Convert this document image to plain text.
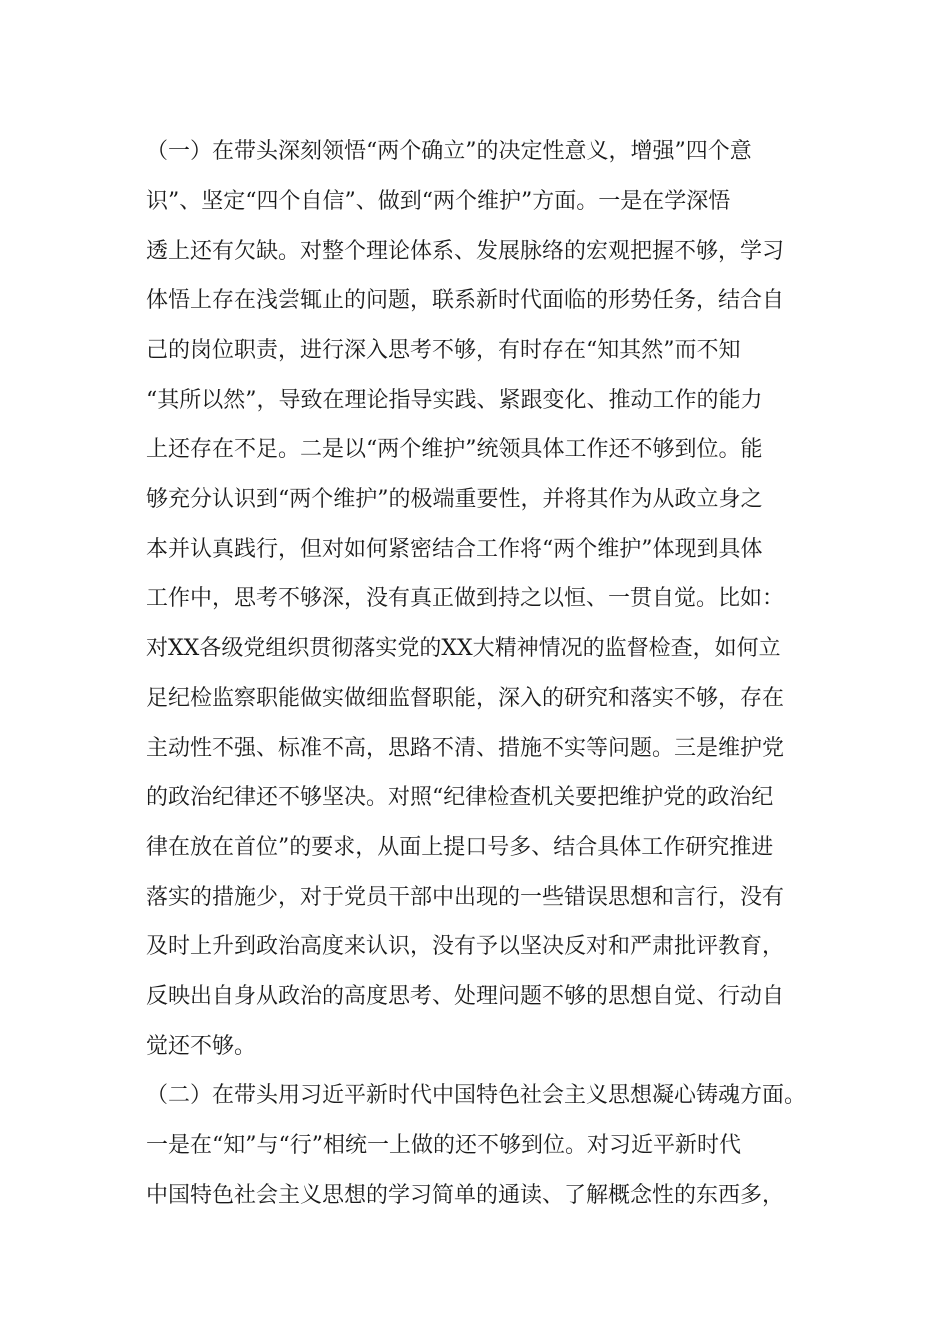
（一）在带头深刻领悟“两个确立”的决定性意义，增强”四个意
识”、坚定“四个自信”、做到“两个维护”方面。一是在学深悟
透上还有欠缺。对整个理论体系、发展脉络的宏观把握不够，学习
体悟上存在浅尝辄止的问题，联系新时代面临的形势任务，结合自
己的岗位职责，进行深入思考不够，有时存在“知其然”而不知
“其所以然”，导致在理论指导实践、紧跟变化、推动工作的能力
上还存在不足。二是以“两个维护”统领具体工作还不够到位。能
够充分认识到“两个维护”的极端重要性，并将其作为从政立身之
本并认真践行，但对如何紧密结合工作将“两个维护”体现到具体
工作中，思考不够深，没有真正做到持之以恒、一贯自觉。比如：
对XX各级党组织贯彻落实党的XX大精神情况的监督检查，如何立
足纪检监察职能做实做细监督职能，深入的研究和落实不够，存在
主动性不强、标准不高，思路不清、措施不实等问题。三是维护党
的政治纪律还不够坚决。对照“纪律检查机关要把维护党的政治纪
律在放在首位”的要求，从面上提口号多、结合具体工作研究推进
落实的措施少，对于党员干部中出现的一些错误思想和言行，没有
及时上升到政治高度来认识，没有予以坚决反对和严肃批评教育，
反映出自身从政治的高度思考、处理问题不够的思想自觉、行动自
觉还不够。
（二）在带头用习近平新时代中国特色社会主义思想凝心铸魂方面。
一是在“知”与“行”相统一上做的还不够到位。对习近平新时代
中国特色社会主义思想的学习简单的通读、了解概念性的东西多，
